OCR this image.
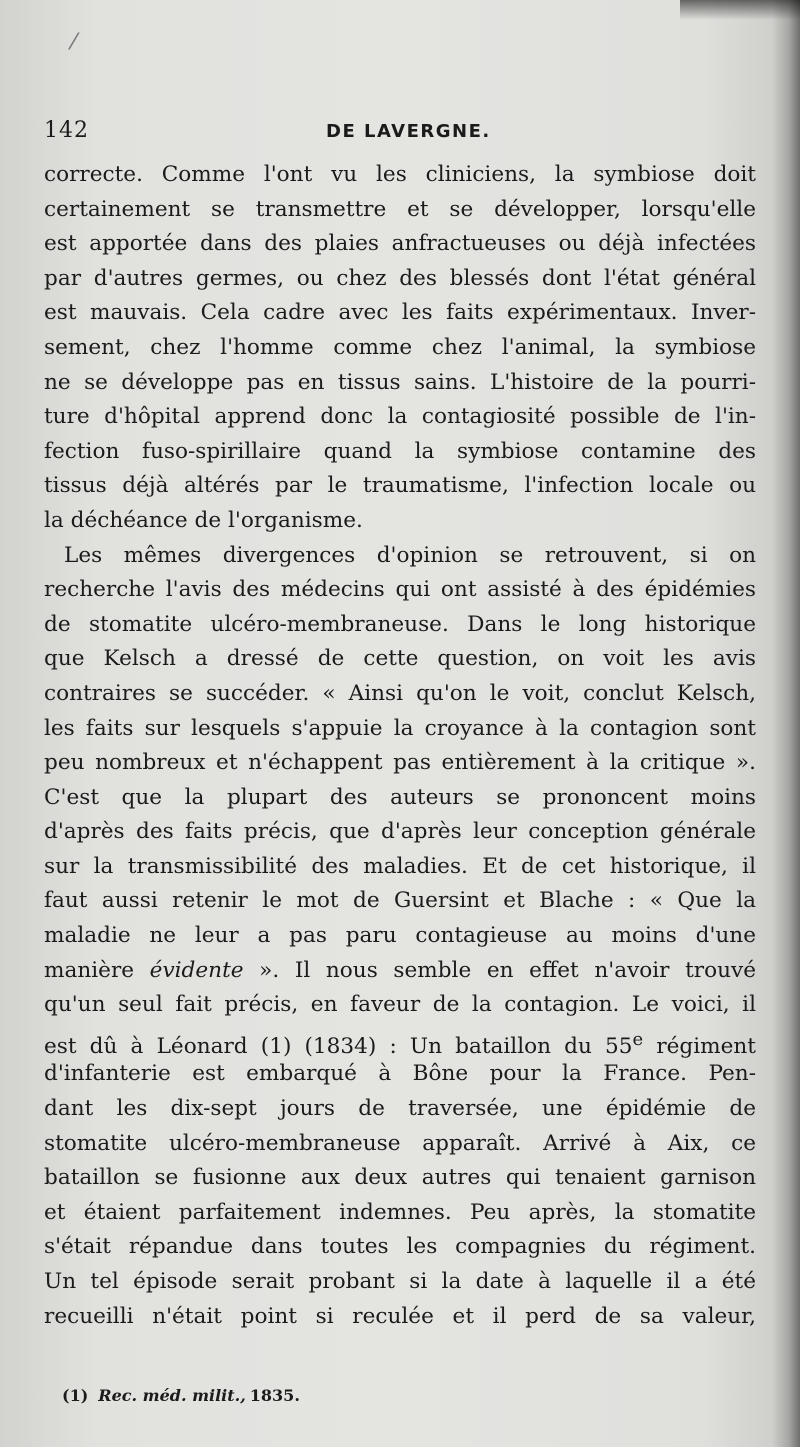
⁄
142	DE LAVERGNE.
correcte. Comme l'ont vu les cliniciens, la symbiose doit
certainement se transmettre et se développer, lorsqu'elle
est apportée dans des plaies anfractueuses ou déjà infectées
par d'autres germes, ou chez des blessés dont l'état général
est mauvais. Cela cadre avec les faits expérimentaux. Inver-
sement, chez l'homme comme chez l'animal, la symbiose
ne se développe pas en tissus sains. L'histoire de la pourri-
ture d'hôpital apprend donc la contagiosité possible de l'in-
fection fuso-spirillaire quand la symbiose contamine des
tissus déjà altérés par le traumatisme, l'infection locale ou
la déchéance de l'organisme.
Les mêmes divergences d'opinion se retrouvent, si on
recherche l'avis des médecins qui ont assisté à des épidémies
de stomatite ulcéro-membraneuse. Dans le long historique
que Kelsch a dressé de cette question, on voit les avis
contraires se succéder. « Ainsi qu'on le voit, conclut Kelsch,
les faits sur lesquels s'appuie la croyance à la contagion sont
peu nombreux et n'échappent pas entièrement à la critique ».
C'est que la plupart des auteurs se prononcent moins
d'après des faits précis, que d'après leur conception générale
sur la transmissibilité des maladies. Et de cet historique, il
faut aussi retenir le mot de Guersint et Blache : « Que la
maladie ne leur a pas paru contagieuse au moins d'une
manière évidente ». Il nous semble en effet n'avoir trouvé
qu'un seul fait précis, en faveur de la contagion. Le voici, il
est dû à Léonard (1) (1834) : Un bataillon du 55e régiment
d'infanterie est embarqué à Bône pour la France. Pen-
dant les dix-sept jours de traversée, une épidémie de
stomatite ulcéro-membraneuse apparaît. Arrivé à Aix, ce
bataillon se fusionne aux deux autres qui tenaient garnison
et étaient parfaitement indemnes. Peu après, la stomatite
s'était répandue dans toutes les compagnies du régiment.
Un tel épisode serait probant si la date à laquelle il a été
recueilli n'était point si reculée et il perd de sa valeur,
(1) Rec. méd. milit., 1835.
